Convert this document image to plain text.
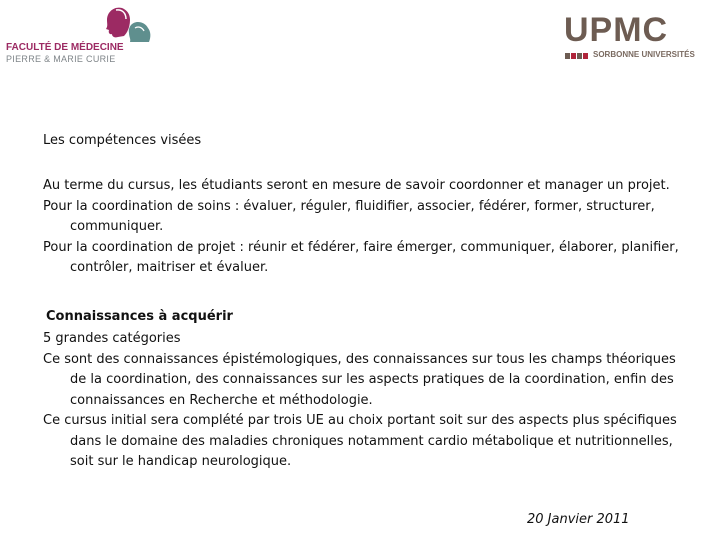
FACULTÉ DE MÉDECINE
PIERRE & MARIE CURIE
UPMC
SORBONNE UNIVERSITÉS

Les compétences visées

Au terme du cursus, les étudiants seront en mesure de savoir coordonner et manager un projet.

Pour la coordination de soins : évaluer, réguler, fluidifier, associer, fédérer, former, structurer, communiquer.

Pour la coordination de projet : réunir et fédérer, faire émerger, communiquer, élaborer, planifier, contrôler, maitriser et évaluer.

Connaissances à acquérir

5 grandes catégories

Ce sont des connaissances épistémologiques, des connaissances sur tous les champs théoriques de la coordination, des connaissances sur les aspects pratiques de la coordination, enfin des connaissances en Recherche et méthodologie.

Ce cursus initial sera complété par trois UE au choix portant soit sur des aspects plus spécifiques dans le domaine des maladies chroniques notamment cardio métabolique et nutritionnelles, soit sur le handicap neurologique.

20 Janvier 2011
